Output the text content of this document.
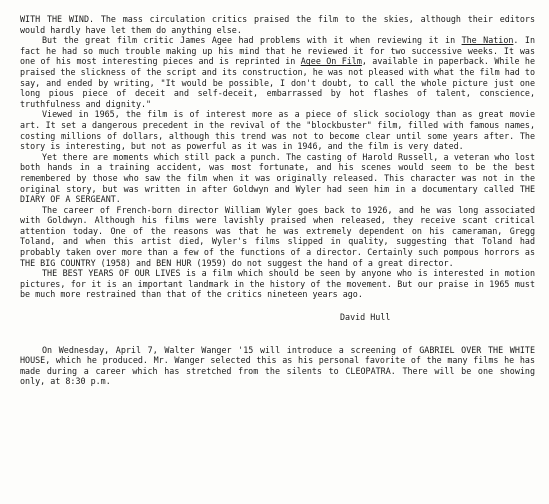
WITH THE WIND. The mass circulation critics praised the film to the skies, although their editors would hardly have let them do anything else.

But the great film critic James Agee had problems with it when reviewing it in The Nation. In fact he had so much trouble making up his mind that he reviewed it for two successive weeks. It was one of his most interesting pieces and is reprinted in Agee On Film, available in paperback. While he praised the slickness of the script and its construction, he was not pleased with what the film had to say, and ended by writing, "It would be possible, I don't doubt, to call the whole picture just one long pious piece of deceit and self-deceit, embarrassed by hot flashes of talent, conscience, truthfulness and dignity."

Viewed in 1965, the film is of interest more as a piece of slick sociology than as great movie art. It set a dangerous precedent in the revival of the "blockbuster" film, filled with famous names, costing millions of dollars, although this trend was not to become clear until some years after. The story is interesting, but not as powerful as it was in 1946, and the film is very dated.

Yet there are moments which still pack a punch. The casting of Harold Russell, a veteran who lost both hands in a training accident, was most fortunate, and his scenes would seem to be the best remembered by those who saw the film when it was originally released. This character was not in the original story, but was written in after Goldwyn and Wyler had seen him in a documentary called THE DIARY OF A SERGEANT.

The career of French-born director William Wyler goes back to 1926, and he was long associated with Goldwyn. Although his films were lavishly praised when released, they receive scant critical attention today. One of the reasons was that he was extremely dependent on his cameraman, Gregg Toland, and when this artist died, Wyler's films slipped in quality, suggesting that Toland had probably taken over more than a few of the functions of a director. Certainly such pompous horrors as THE BIG COUNTRY (1958) and BEN HUR (1959) do not suggest the hand of a great director.

THE BEST YEARS OF OUR LIVES is a film which should be seen by anyone who is interested in motion pictures, for it is an important landmark in the history of the movement. But our praise in 1965 must be much more restrained than that of the critics nineteen years ago.

David Hull

On Wednesday, April 7, Walter Wanger '15 will introduce a screening of GABRIEL OVER THE WHITE HOUSE, which he produced. Mr. Wanger selected this as his personal favorite of the many films he has made during a career which has stretched from the silents to CLEOPATRA. There will be one showing only, at 8:30 p.m.
